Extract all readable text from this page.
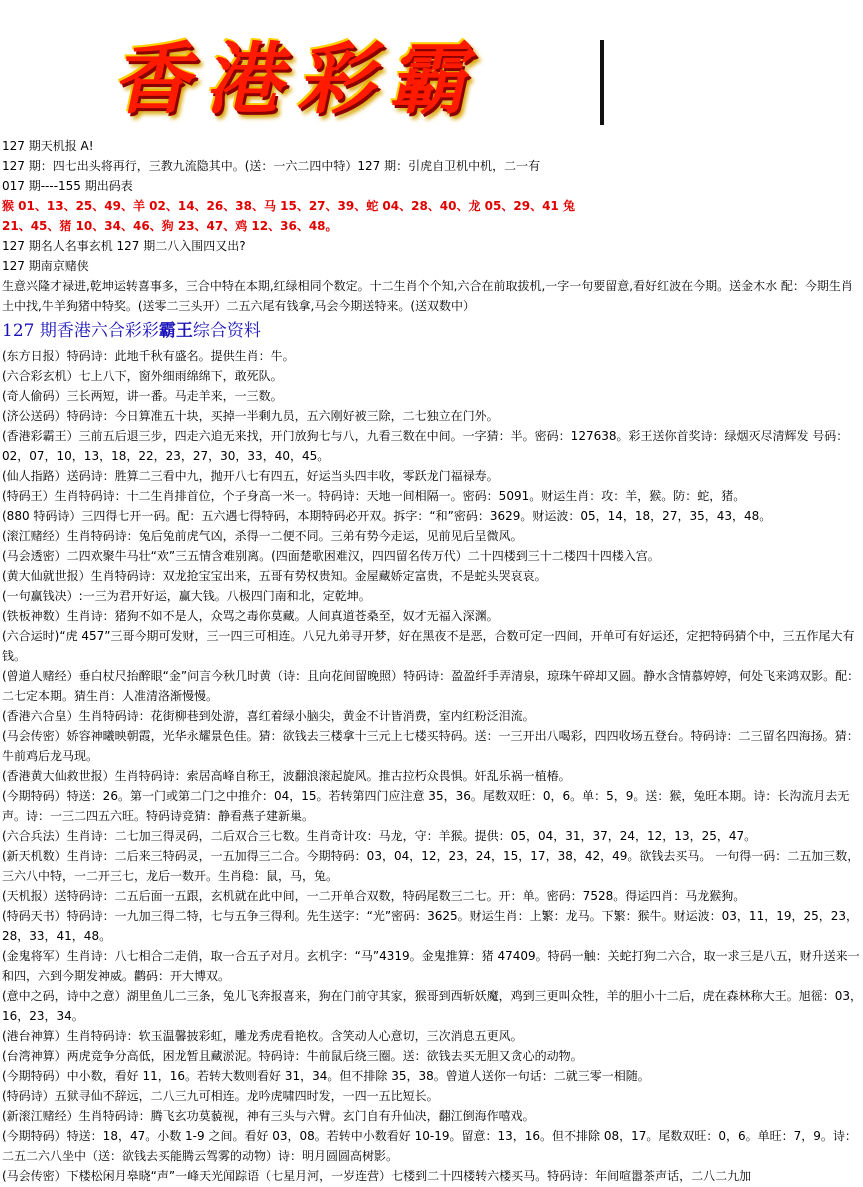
香港彩霸
127 期天机报 A!
127 期：四七出头将再行，三教九流隐其中。(送：一六二四中特）127 期：引虎自卫机中机，二一有
017 期----155 期出码表
猴 01、13、25、49、羊 02、14、26、38、马 15、27、39、蛇 04、28、40、龙 05、29、41 兔
21、45、猪 10、34、46、狗 23、47、鸡 12、36、48。
127 期名人名事玄机 127 期二八入围四又出?
127 期南京赌侠
生意兴隆才禄进,乾坤运转喜事多，三合中特在本期,红绿相同个数定。十二生肖个个知,六合在前取拔机,一字一句要留意,看好红波在今期。送金木水 配：今期生肖土中找,牛羊狗猪中特奖。(送零二三头开）二五六尾有钱拿,马会今期送特来。(送双数中）
127 期香港六合彩彩霸王综合资料
(东方日报）特码诗：此地千秋有盛名。提供生肖：牛。
(六合彩玄机）七上八下，窗外细雨绵绵下，敢死队。
(奇人偷码）三长两短，讲一番。马走羊来，一三数。
(济公送码）特码诗：今日算准五十块，买掉一半剩九员，五六刚好被三除，二七独立在门外。
(香港彩霸王）三前五后退三步，四走六追无来找，开门放狗七与八，九看三数在中间。一字猜：半。密码：127638。彩王送你首奖诗：绿烟灭尽清辉发 号码：02，07，10，13，18，22，23，27，30，33，40，45。
(仙人指路）送码诗：胜算二三看中九，抛开八七有四五，好运当头四丰收，零跃龙门福禄寿。
(特码王）生肖特码诗：十二生肖排首位，个子身高一米一。特码诗：天地一间相隔一。密码：5091。财运生肖：攻：羊，猴。防：蛇，猪。
(880 特码诗）三四得七开一码。配：五六遇七得特码，本期特码必开双。拆字：“和”密码：3629。财运波：05，14，18，27，35，43，48。
(滚江赌经）生肖特码诗：兔后兔前虎气凶，杀得一二便不同。三弟有势今走运，见前见后呈微风。
(马会透密）二四欢聚牛马壮“欢”三五情含难别离。(四面楚歌困难汉，四四留名传万代）二十四楼到三十二楼四十四楼入宫。
(黄大仙就世报）生肖特码诗：双龙抢宝宝出来，五哥有势权贵知。金屋藏娇定富贵，不是蛇头哭哀哀。
(一句赢钱决）:一三为君开好运，赢大钱。八极四门南和北，定乾坤。
(铁板神数）生肖诗：猪狗不如不是人，众骂之毒你莫藏。人间真道苍桑至，奴才无福入深渊。
(六合运时)“虎 457”三哥今期可发财，三一四三可相连。八兄九弟寻开梦，好在黑夜不是恶，合数可定一四间，开单可有好运还，定把特码猜个中，三五作尾大有钱。
(曾道人赌经）垂白杖尺抬醉眼“金”问言今秋几时黄（诗：且向花间留晚照）特码诗：盈盈纤手弄清泉，琼珠午碎却又圆。静水含情慕婷婷，何处飞来鸿双影。配：二七定本期。猜生肖：人准清洛渐慢慢。
(香港六合皇）生肖特码诗：花街柳巷到处游，喜红着绿小脑尖，黄金不计皆消费，室内红粉泛泪流。
(马会传密）娇容神曦映朝霞，光华永耀景色佳。猜：欲钱去三楼拿十三元上七楼买特码。送：一三开出八喝彩，四四收场五登台。特码诗：二三留名四海扬。猜：牛前鸡后龙马现。
(香港黄大仙救世报）生肖特码诗：索居高峰自称王，波翻浪滚起旋风。推古拉朽众畏惧。奸乱乐祸一植椿。
(今期特码）特送：26。第一门或第二门之中推介：04，15。若转第四门应注意 35，36。尾数双旺：0，6。单：5，9。送：猴，兔旺本期。诗：长沟流月去无声。诗：一三二四五六旺。特码诗竞猜：静看燕子建新巢。
(六合兵法）生肖诗：二七加三得灵码，二后双合三七数。生肖奇计攻：马龙，守：羊猴。提供：05，04，31，37，24，12，13，25，47。
(新天机数）生肖诗：二后来三特码灵，一五加得三二合。今期特码：03，04，12，23，24，15，17，38，42，49。欲钱去买马。 一句得一码：二五加三数，三六八中特，一二开三七，龙后一数开。生肖稳：鼠，马，兔。
(天机报）送特码诗：二五后面一五跟，玄机就在此中间，一二开单合双数，特码尾数三二七。开：单。密码：7528。得运四肖：马龙猴狗。
(特码天书）特码诗：一九加三得二特，七与五争三得利。先生送字：“光”密码：3625。财运生肖：上繁：龙马。下繁：猴牛。财运波：03，11，19，25，23，28，33，41，48。
(金鬼将军）生肖诗：八七相合二走俏，取一合五子对月。玄机字：“马”4319。金鬼推算：猪 47409。特码一触：关蛇打狗二六合，取一求三是八五，财升送来一和四，六到今期发神威。鹳码：开大博双。
(意中之码，诗中之意）湖里鱼儿二三条，兔儿飞奔报喜来，狗在门前守其家，猴哥到西斩妖魔，鸡到三更叫众牲，羊的胆小十二后，虎在森林称大王。旭徭：03，16，23，34。
(港台神算）生肖特码诗：软玉温馨披彩虹，雕龙秀虎看艳枚。含笑动人心意切，三次消息五更风。
(台湾神算）两虎竞争分高低，困龙暂且藏淤泥。特码诗：牛前鼠后绕三圈。送：欲钱去买无胆又贪心的动物。
(今期特码）中小数，看好 11，16。若转大数则看好 31，34。但不排除 35，38。曾道人送你一句话：二就三零一相随。
(特码诗）五狱寻仙不辞远，二八三九可相连。龙吟虎啸四时发，一四一五比短长。
(新滚江赌经）生肖特码诗：腾飞玄功莫藐视，神有三头与六臂。玄门自有升仙决，翻江倒海作嘻戏。
(今期特码）特送：18，47。小数 1-9 之间。看好 03，08。若转中小数看好 10-19。留意：13，16。但不排除 08，17。尾数双旺：0，6。单旺：7，9。诗：二五二六八坐中（送：欲钱去买能腾云驾雾的动物）诗：明月圆圆高树影。
(马会传密）下楼松闲月皋晓“声”一峰天光闻踪语（七星月河，一岁连营）七楼到二十四楼转六楼买马。特码诗：年间喧嚣茶声话，二八二九加
